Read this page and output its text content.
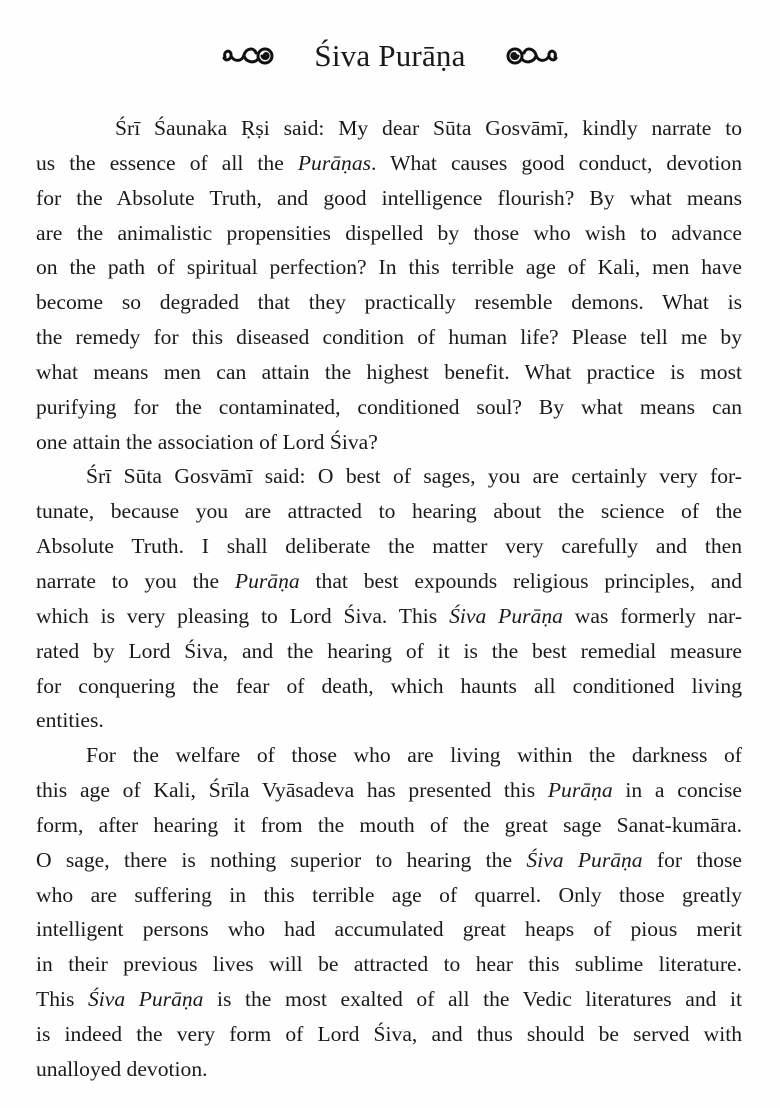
Śiva Purāṇa

Śrī Śaunaka Ṛṣi said: My dear Sūta Gosvāmī, kindly narrate to
us the essence of all the Purāṇas. What causes good conduct, devotion
for the Absolute Truth, and good intelligence flourish? By what means
are the animalistic propensities dispelled by those who wish to advance
on the path of spiritual perfection? In this terrible age of Kali, men have
become so degraded that they practically resemble demons. What is
the remedy for this diseased condition of human life? Please tell me by
what means men can attain the highest benefit. What practice is most
purifying for the contaminated, conditioned soul? By what means can
one attain the association of Lord Śiva?

Śrī Sūta Gosvāmī said: O best of sages, you are certainly very for-
tunate, because you are attracted to hearing about the science of the
Absolute Truth. I shall deliberate the matter very carefully and then
narrate to you the Purāṇa that best expounds religious principles, and
which is very pleasing to Lord Śiva. This Śiva Purāṇa was formerly nar-
rated by Lord Śiva, and the hearing of it is the best remedial measure
for conquering the fear of death, which haunts all conditioned living
entities.

For the welfare of those who are living within the darkness of
this age of Kali, Śrīla Vyāsadeva has presented this Purāṇa in a concise
form, after hearing it from the mouth of the great sage Sanat-kumāra.
O sage, there is nothing superior to hearing the Śiva Purāṇa for those
who are suffering in this terrible age of quarrel. Only those greatly
intelligent persons who had accumulated great heaps of pious merit
in their previous lives will be attracted to hear this sublime literature.
This Śiva Purāṇa is the most exalted of all the Vedic literatures and it
is indeed the very form of Lord Śiva, and thus should be served with
unalloyed devotion.
